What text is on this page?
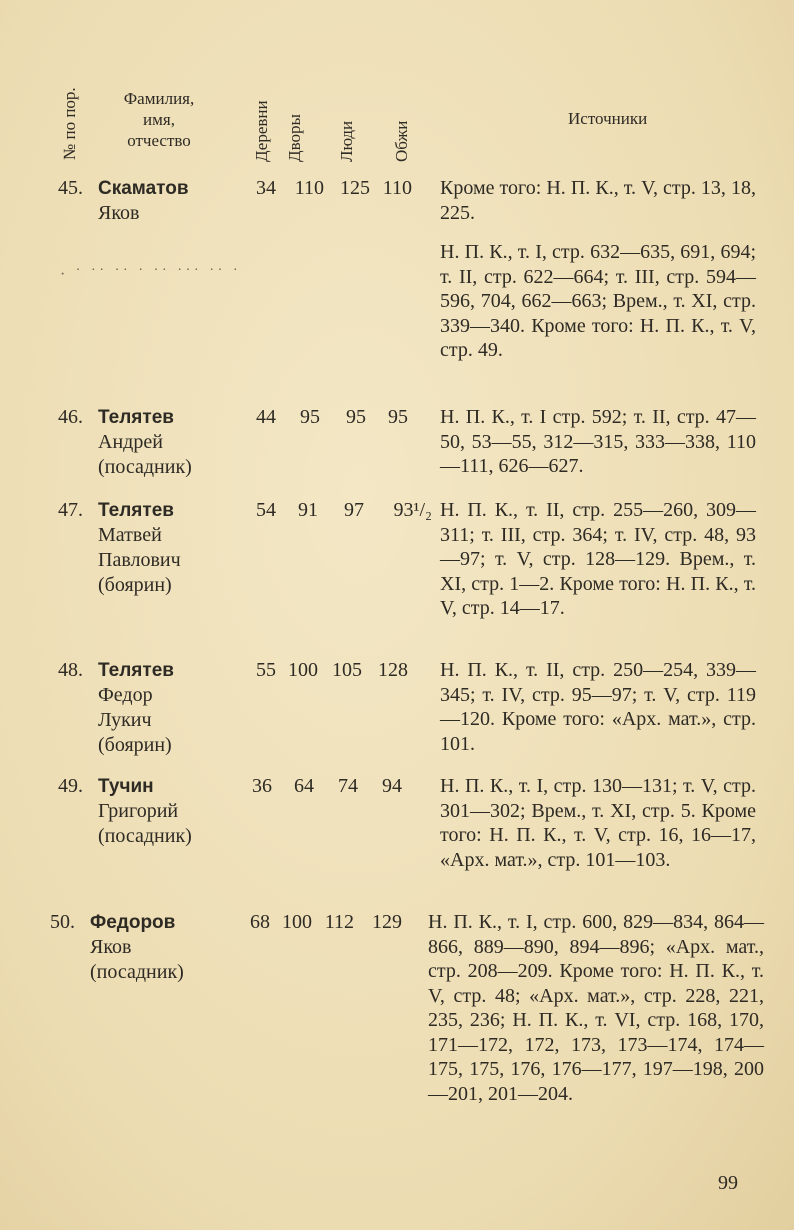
№ по пор.	Фамилия,
имя,
отчество	Деревни Дворы Люди Обжи
Источники
45. Скаматов
Яков
34 110 125 110 Кроме того: Н. П. К., т. V, стр. 13, 18, 225.
· ˙ ˙˙ ˙˙ ˙ ˙˙ ˙˙˙ ˙˙ ˙
Н. П. К., т. I, стр. 632—635, 691, 694; т. II, стр. 622—664; т. III, стр. 594—596, 704, 662—663; Врем., т. XI, стр. 339—340. Кроме того: Н. П. К., т. V, стр. 49.
46. Телятев
Андрей
(посадник)
44	95	95	95 Н. П. К., т. I стр. 592; т. II, стр. 47—50, 53—55, 312—315, 333—338, 110—111, 626—627.
47. Телятев
Матвей
Павлович
(боярин)
54	91	97	93¹/₂ Н. П. К., т. II, стр. 255—260, 309—311; т. III, стр. 364; т. IV, стр. 48, 93—97; т. V, стр. 128—129. Врем., т. XI, стр. 1—2. Кроме того: Н. П. К., т. V, стр. 14—17.
48. Телятев
Федор
Лукич
(боярин)
55 100 105 128 Н. П. К., т. II, стр. 250—254, 339—345; т. IV, стр. 95—97; т. V, стр. 119—120. Кроме того: «Арх. мат.», стр. 101.
49. Тучин
Григорий
(посадник)
36	64	74	94 Н. П. К., т. I, стр. 130—131; т. V, стр. 301—302; Врем., т. XI, стр. 5. Кроме того: Н. П. К., т. V, стр. 16, 16—17, «Арх. мат.», стр. 101—103.
50. Федоров
Яков
(посадник)
68 100 112 129 Н. П. К., т. I, стр. 600, 829—834, 864—866, 889—890, 894—896; «Арх. мат., стр. 208—209. Кроме того: Н. П. К., т. V, стр. 48; «Арх. мат.», стр. 228, 221, 235, 236; Н. П. К., т. VI, стр. 168, 170, 171—172, 172, 173, 173—174, 174—175, 175, 176, 176—177, 197—198, 200—201, 201—204.
99
